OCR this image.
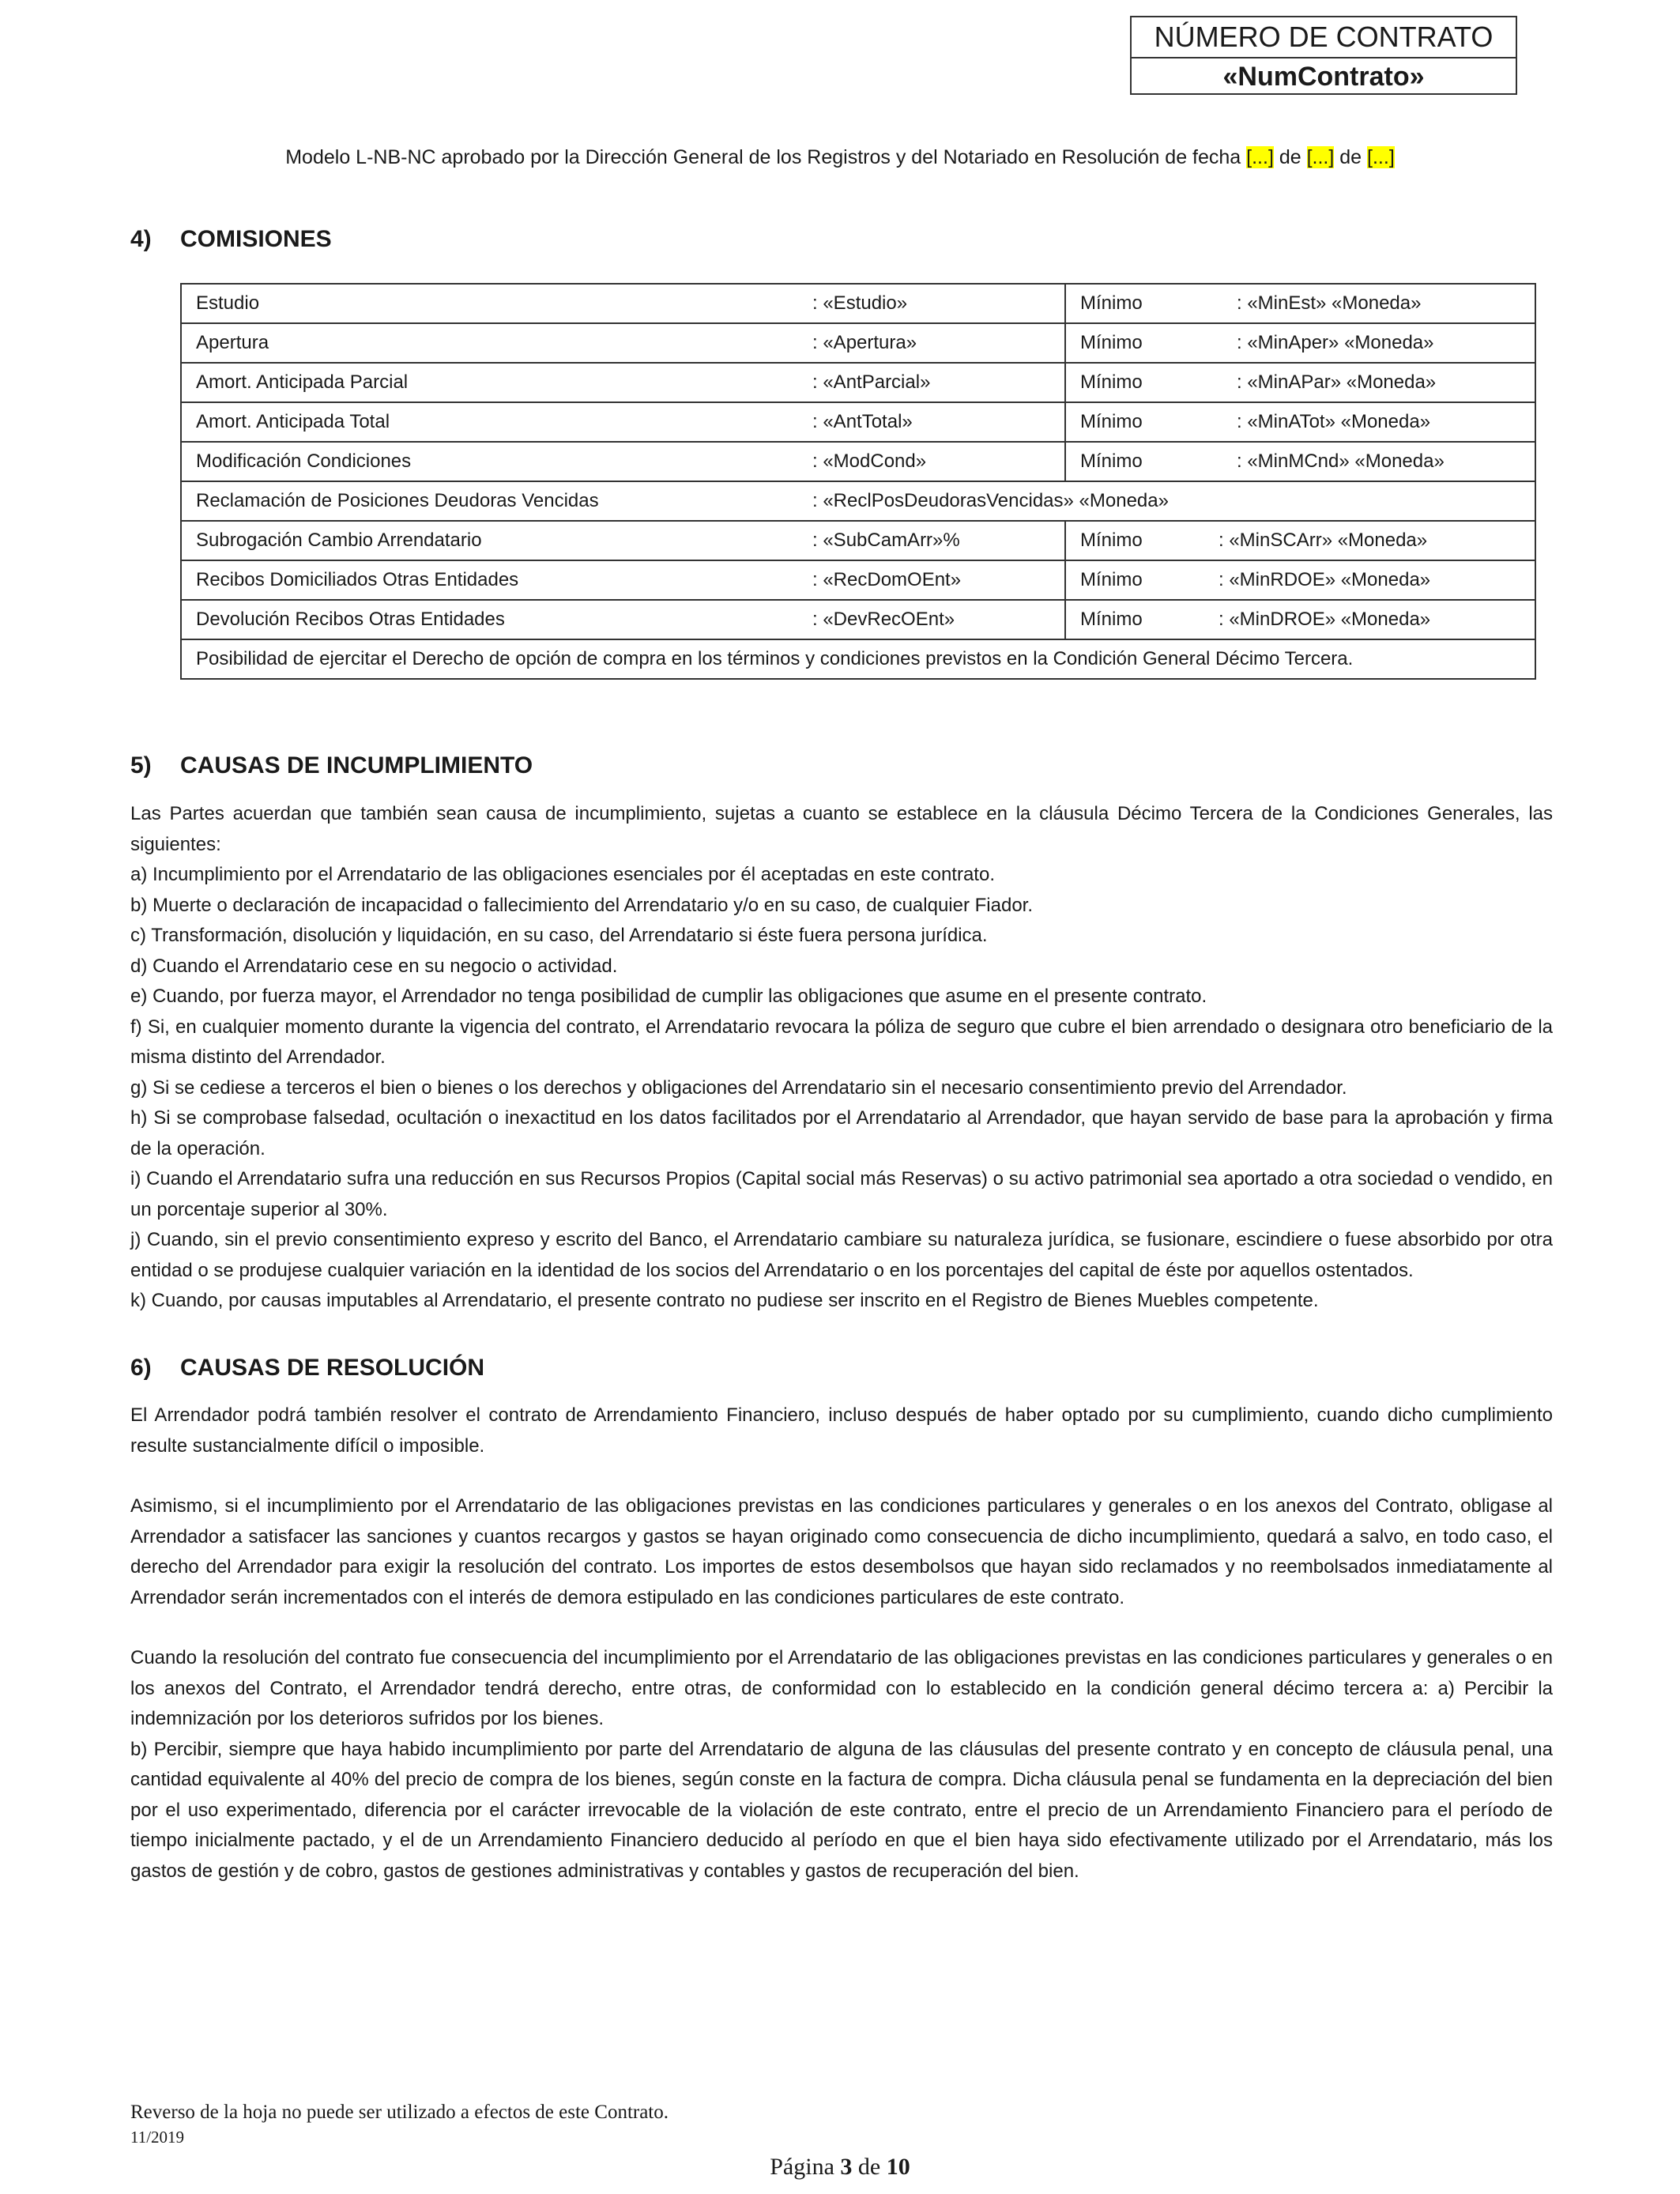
NÚMERO DE CONTRATO
«NumContrato»
Modelo L-NB-NC aprobado por la Dirección General de los Registros y del Notariado en Resolución de fecha [...] de [...] de [...]
4) COMISIONES
Estudio	: «Estudio»	Mínimo : «MinEst» «Moneda»
Apertura	: «Apertura»	Mínimo : «MinAper» «Moneda»
Amort. Anticipada Parcial	: «AntParcial»	Mínimo : «MinAPar» «Moneda»
Amort. Anticipada Total	: «AntTotal»	Mínimo : «MinATot» «Moneda»
Modificación Condiciones	: «ModCond»	Mínimo : «MinMCnd» «Moneda»
Reclamación de Posiciones Deudoras Vencidas	: «ReclPosDeudorasVencidas» «Moneda»	
Subrogación Cambio Arrendatario	: «SubCamArr»%	Mínimo : «MinSCArr» «Moneda»
Recibos Domiciliados Otras Entidades	: «RecDomOEnt»	Mínimo : «MinRDOE» «Moneda»
Devolución Recibos Otras Entidades	: «DevRecOEnt»	Mínimo : «MinDROE» «Moneda»
Posibilidad de ejercitar el Derecho de opción de compra en los términos y condiciones previstos en la Condición General Décimo Tercera.		
5) CAUSAS DE INCUMPLIMIENTO

Las Partes acuerdan que también sean causa de incumplimiento, sujetas a cuanto se establece en la cláusula Décimo Tercera de la Condiciones Generales, las siguientes:

a) Incumplimiento por el Arrendatario de las obligaciones esenciales por él aceptadas en este contrato.

b) Muerte o declaración de incapacidad o fallecimiento del Arrendatario y/o en su caso, de cualquier Fiador.

c) Transformación, disolución y liquidación, en su caso, del Arrendatario si éste fuera persona jurídica.

d) Cuando el Arrendatario cese en su negocio o actividad.

e) Cuando, por fuerza mayor, el Arrendador no tenga posibilidad de cumplir las obligaciones que asume en el presente contrato.

f) Si, en cualquier momento durante la vigencia del contrato, el Arrendatario revocara la póliza de seguro que cubre el bien arrendado o designara otro beneficiario de la misma distinto del Arrendador.

g) Si se cediese a terceros el bien o bienes o los derechos y obligaciones del Arrendatario sin el necesario consentimiento previo del Arrendador.

h) Si se comprobase falsedad, ocultación o inexactitud en los datos facilitados por el Arrendatario al Arrendador, que hayan servido de base para la aprobación y firma de la operación.

i) Cuando el Arrendatario sufra una reducción en sus Recursos Propios (Capital social más Reservas) o su activo patrimonial sea aportado a otra sociedad o vendido, en un porcentaje superior al 30%.

j) Cuando, sin el previo consentimiento expreso y escrito del Banco, el Arrendatario cambiare su naturaleza jurídica, se fusionare, escindiere o fuese absorbido por otra entidad o se produjese cualquier variación en la identidad de los socios del Arrendatario o en los porcentajes del capital de éste por aquellos ostentados.

k) Cuando, por causas imputables al Arrendatario, el presente contrato no pudiese ser inscrito en el Registro de Bienes Muebles competente.

6) CAUSAS DE RESOLUCIÓN

El Arrendador podrá también resolver el contrato de Arrendamiento Financiero, incluso después de haber optado por su cumplimiento, cuando dicho cumplimiento resulte sustancialmente difícil o imposible.

Asimismo, si el incumplimiento por el Arrendatario de las obligaciones previstas en las condiciones particulares y generales o en los anexos del Contrato, obligase al Arrendador a satisfacer las sanciones y cuantos recargos y gastos se hayan originado como consecuencia de dicho incumplimiento, quedará a salvo, en todo caso, el derecho del Arrendador para exigir la resolución del contrato. Los importes de estos desembolsos que hayan sido reclamados y no reembolsados inmediatamente al Arrendador serán incrementados con el interés de demora estipulado en las condiciones particulares de este contrato.

Cuando la resolución del contrato fue consecuencia del incumplimiento por el Arrendatario de las obligaciones previstas en las condiciones particulares y generales o en los anexos del Contrato, el Arrendador tendrá derecho, entre otras, de conformidad con lo establecido en la condición general décimo tercera a: a) Percibir la indemnización por los deterioros sufridos por los bienes.

b) Percibir, siempre que haya habido incumplimiento por parte del Arrendatario de alguna de las cláusulas del presente contrato y en concepto de cláusula penal, una cantidad equivalente al 40% del precio de compra de los bienes, según conste en la factura de compra. Dicha cláusula penal se fundamenta en la depreciación del bien por el uso experimentado, diferencia por el carácter irrevocable de la violación de este contrato, entre el precio de un Arrendamiento Financiero para el período de tiempo inicialmente pactado, y el de un Arrendamiento Financiero deducido al período en que el bien haya sido efectivamente utilizado por el Arrendatario, más los gastos de gestión y de cobro, gastos de gestiones administrativas y contables y gastos de recuperación del bien.

Reverso de la hoja no puede ser utilizado a efectos de este Contrato.
11/2019
Página 3 de 10
